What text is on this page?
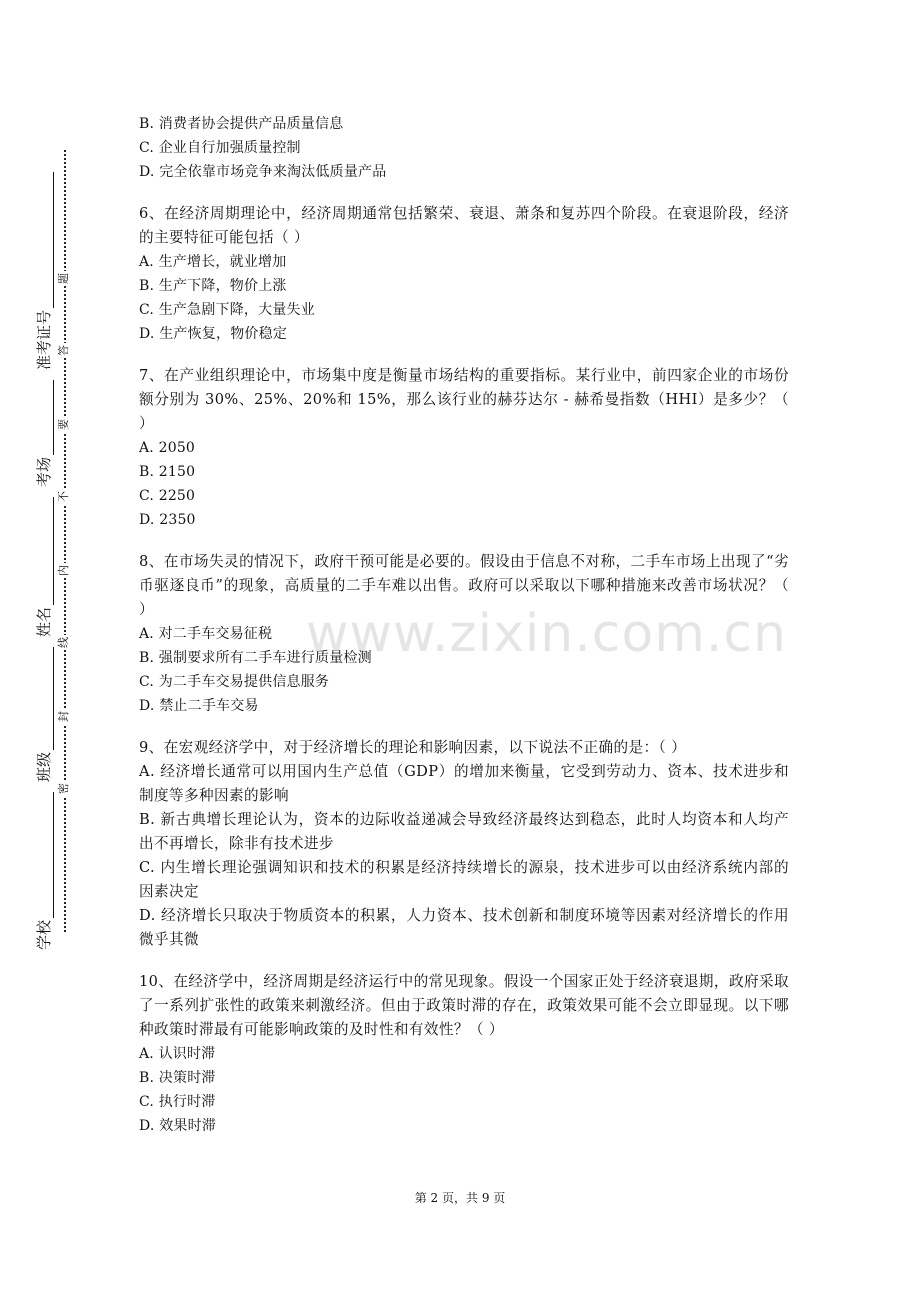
学校
班级
姓名
考场
准考证号
密
封
线
内
不
要
答
题
B. 消费者协会提供产品质量信息
C. 企业自行加强质量控制
D. 完全依靠市场竞争来淘汰低质量产品
6、在经济周期理论中，经济周期通常包括繁荣、衰退、萧条和复苏四个阶段。在衰退阶段，经济的主要特征可能包括（ ）
A. 生产增长，就业增加
B. 生产下降，物价上涨
C. 生产急剧下降，大量失业
D. 生产恢复，物价稳定
7、在产业组织理论中，市场集中度是衡量市场结构的重要指标。某行业中，前四家企业的市场份额分别为 30%、25%、20%和 15%，那么该行业的赫芬达尔 - 赫希曼指数（HHI）是多少？（ ）
A. 2050
B. 2150
C. 2250
D. 2350
8、在市场失灵的情况下，政府干预可能是必要的。假设由于信息不对称，二手车市场上出现了“劣币驱逐良币”的现象，高质量的二手车难以出售。政府可以采取以下哪种措施来改善市场状况？（ ）
A. 对二手车交易征税
B. 强制要求所有二手车进行质量检测
C. 为二手车交易提供信息服务
D. 禁止二手车交易
9、在宏观经济学中，对于经济增长的理论和影响因素，以下说法不正确的是：（ ）
A. 经济增长通常可以用国内生产总值（GDP）的增加来衡量，它受到劳动力、资本、技术进步和制度等多种因素的影响
B. 新古典增长理论认为，资本的边际收益递减会导致经济最终达到稳态，此时人均资本和人均产出不再增长，除非有技术进步
C. 内生增长理论强调知识和技术的积累是经济持续增长的源泉，技术进步可以由经济系统内部的因素决定
D. 经济增长只取决于物质资本的积累，人力资本、技术创新和制度环境等因素对经济增长的作用微乎其微
10、在经济学中，经济周期是经济运行中的常见现象。假设一个国家正处于经济衰退期，政府采取了一系列扩张性的政策来刺激经济。但由于政策时滞的存在，政策效果可能不会立即显现。以下哪种政策时滞最有可能影响政策的及时性和有效性？（ ）
A. 认识时滞
B. 决策时滞
C. 执行时滞
D. 效果时滞
www.zixin.com.cn
第 2 页，共 9 页
